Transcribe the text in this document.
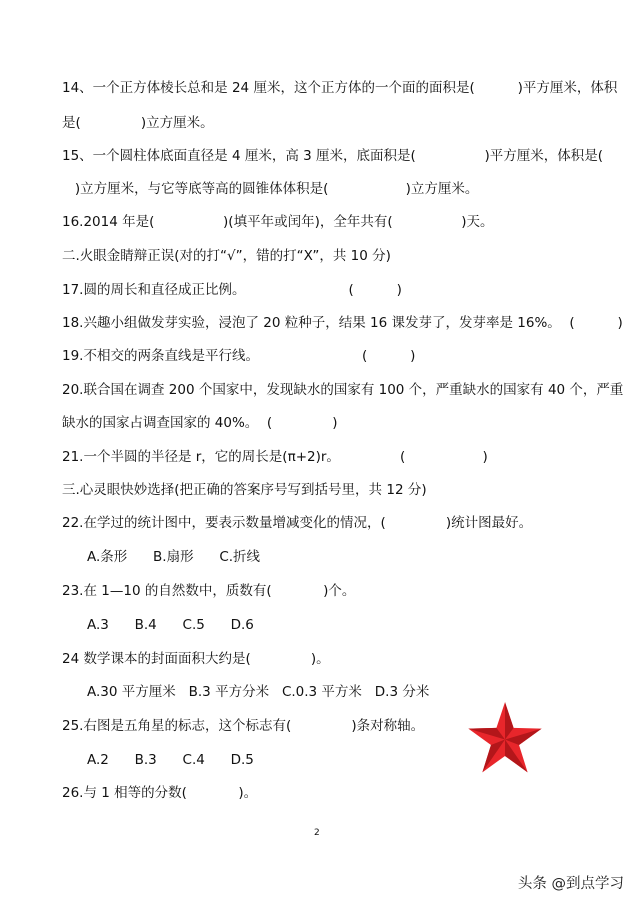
14、一个正方体棱长总和是 24 厘米，这个正方体的一个面的面积是(          )平方厘米，体积
是(              )立方厘米。
15、一个圆柱体底面直径是 4 厘米，高 3 厘米，底面积是(                )平方厘米，体积是(
)立方厘米，与它等底等高的圆锥体体积是(                  )立方厘米。
16.2014 年是(                )(填平年或闰年)，全年共有(                )天。
二.火眼金睛辩正误(对的打“√”，错的打“X”，共 10 分)
17.圆的周长和直径成正比例。                        (          )
18.兴趣小组做发芽实验，浸泡了 20 粒种子，结果 16 课发芽了，发芽率是 16%。  (          )
19.不相交的两条直线是平行线。                        (          )
20.联合国在调查 200 个国家中，发现缺水的国家有 100 个，严重缺水的国家有 40 个，严重
缺水的国家占调查国家的 40%。  (              )
21.一个半圆的半径是 r，它的周长是(π+2)r。              (                  )
三.心灵眼快妙选择(把正确的答案序号写到括号里，共 12 分)
22.在学过的统计图中，要表示数量增减变化的情况，(              )统计图最好。
A.条形      B.扇形      C.折线
23.在 1—10 的自然数中，质数有(            )个。
A.3      B.4      C.5      D.6
24 数学课本的封面面积大约是(              )。
A.30 平方厘米   B.3 平方分米   C.0.3 平方米   D.3 分米
25.右图是五角星的标志，这个标志有(              )条对称轴。
A.2      B.3      C.4      D.5
26.与 1 相等的分数(            )。
2
头条 @到点学习
